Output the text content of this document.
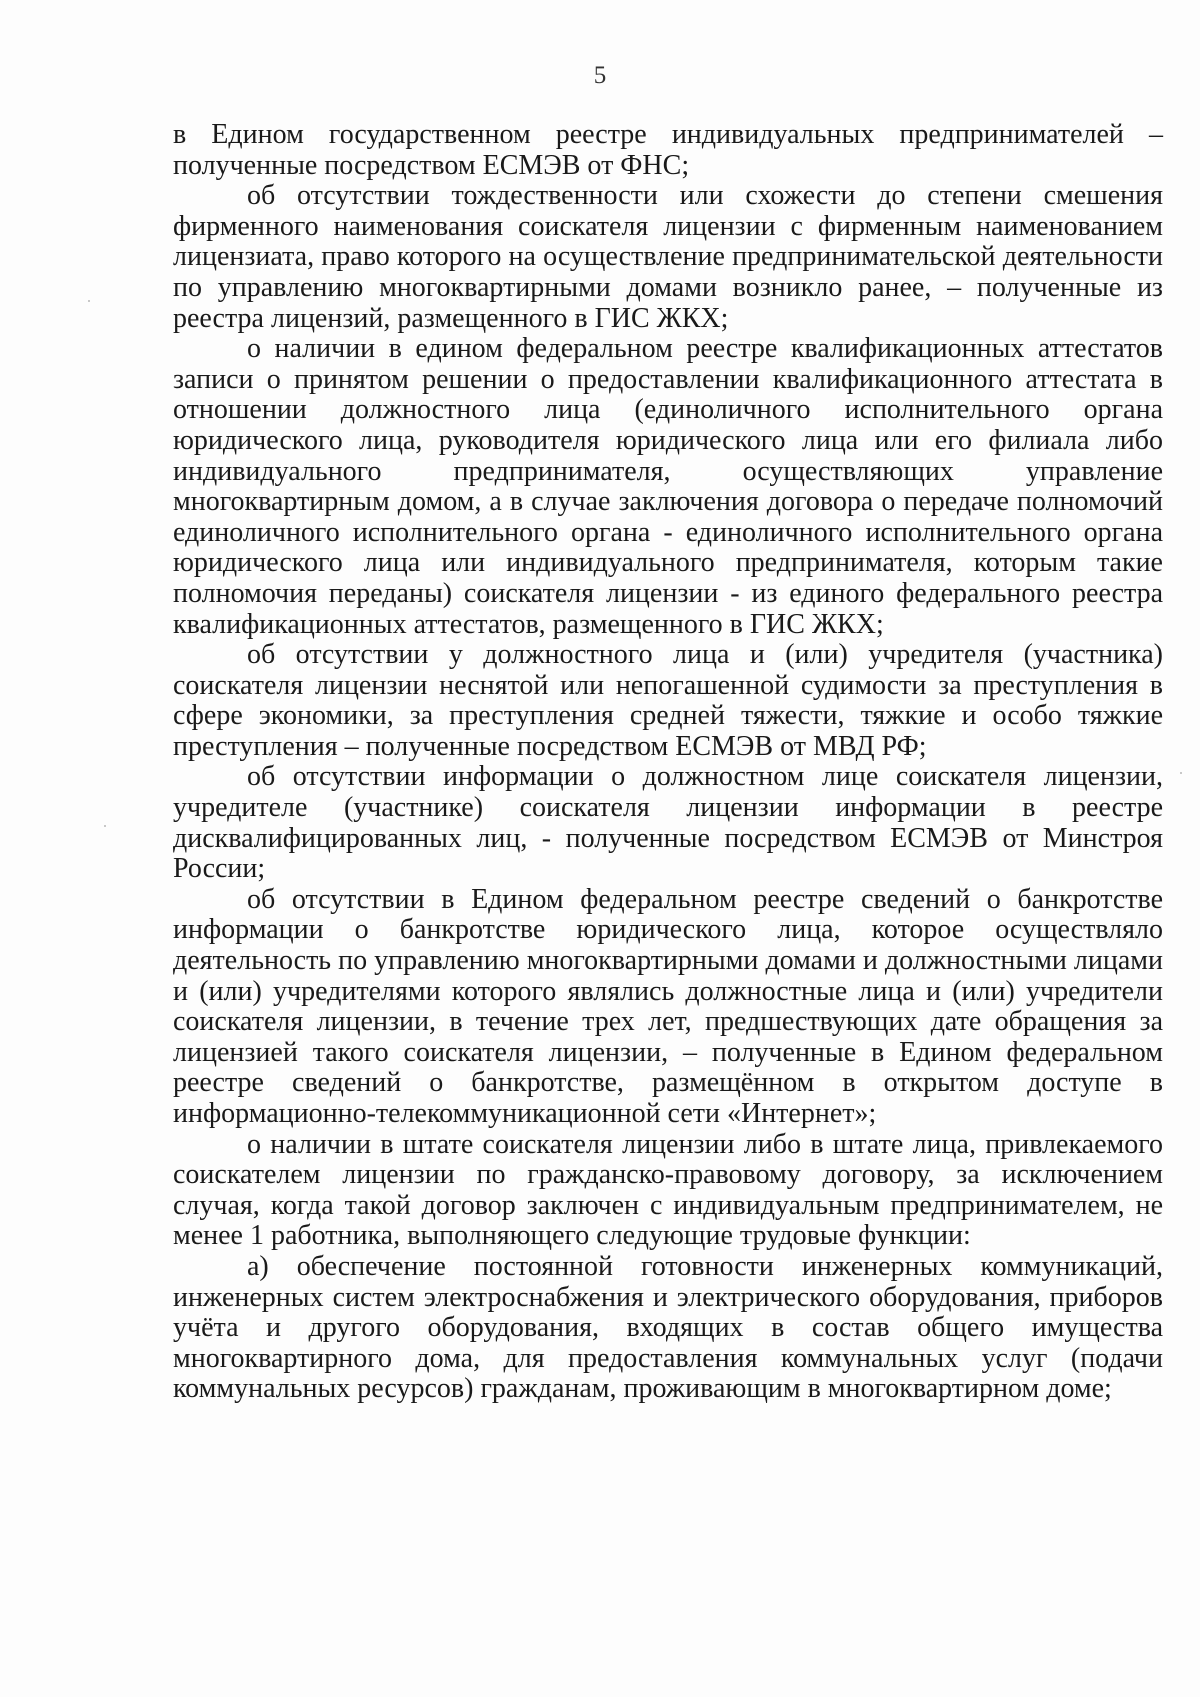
5

в Едином государственном реестре индивидуальных предпринимателей – полученные посредством ЕСМЭВ от ФНС;

об отсутствии тождественности или схожести до степени смешения фирменного наименования соискателя лицензии с фирменным наименованием лицензиата, право которого на осуществление предпринимательской деятельности по управлению многоквартирными домами возникло ранее, – полученные из реестра лицензий, размещенного в ГИС ЖКХ;

о наличии в едином федеральном реестре квалификационных аттестатов записи о принятом решении о предоставлении квалификационного аттестата в отношении должностного лица (единоличного исполнительного органа юридического лица, руководителя юридического лица или его филиала либо индивидуального предпринимателя, осуществляющих управление многоквартирным домом, а в случае заключения договора о передаче полномочий единоличного исполнительного органа - единоличного исполнительного органа юридического лица или индивидуального предпринимателя, которым такие полномочия переданы) соискателя лицензии - из единого федерального реестра квалификационных аттестатов, размещенного в ГИС ЖКХ;

об отсутствии у должностного лица и (или) учредителя (участника) соискателя лицензии неснятой или непогашенной судимости за преступления в сфере экономики, за преступления средней тяжести, тяжкие и особо тяжкие преступления – полученные посредством ЕСМЭВ от МВД РФ;

об отсутствии информации о должностном лице соискателя лицензии, учредителе (участнике) соискателя лицензии информации в реестре дисквалифицированных лиц, - полученные посредством ЕСМЭВ от Минстроя России;

об отсутствии в Едином федеральном реестре сведений о банкротстве информации о банкротстве юридического лица, которое осуществляло деятельность по управлению многоквартирными домами и должностными лицами и (или) учредителями которого являлись должностные лица и (или) учредители соискателя лицензии, в течение трех лет, предшествующих дате обращения за лицензией такого соискателя лицензии, – полученные в Едином федеральном реестре сведений о банкротстве, размещённом в открытом доступе в информационно-телекоммуникационной сети «Интернет»;

о наличии в штате соискателя лицензии либо в штате лица, привлекаемого соискателем лицензии по гражданско-правовому договору, за исключением случая, когда такой договор заключен с индивидуальным предпринимателем, не менее 1 работника, выполняющего следующие трудовые функции:

а) обеспечение постоянной готовности инженерных коммуникаций, инженерных систем электроснабжения и электрического оборудования, приборов учёта и другого оборудования, входящих в состав общего имущества многоквартирного дома, для предоставления коммунальных услуг (подачи коммунальных ресурсов) гражданам, проживающим в многоквартирном доме;
